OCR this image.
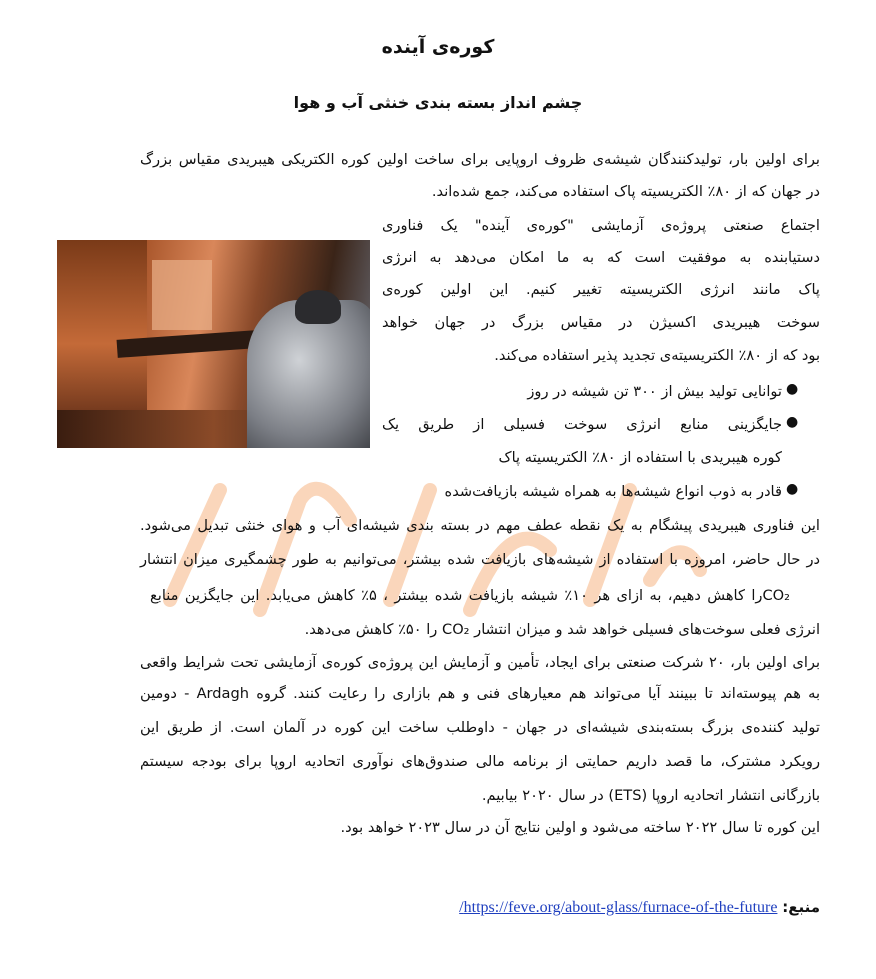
کوره‌ی آینده
چشم انداز بسته بندی خنثی آب و هوا
برای اولین بار، تولیدکنندگان شیشه‌ی ظروف اروپایی برای ساخت اولین کوره الکتریکی هیبریدی مقیاس بزرگ
در جهان که از ۸۰٪ الکتریسیته پاک استفاده می‌کند، جمع شده‌اند.
اجتماع صنعتی پروژه‌ی آزمایشی "کوره‌ی آینده" یک فناوری
دستیابنده به موفقیت است که به ما امکان می‌دهد به انرژی
پاک مانند انرژی الکتریسیته تغییر کنیم. این اولین کوره‌ی
سوخت هیبریدی اکسیژن در مقیاس بزرگ در جهان خواهد
بود که از ۸۰٪ الکتریسیته‌ی تجدید پذیر استفاده می‌کند.
●
توانایی تولید بیش از ۳۰۰ تن شیشه در روز
●
جایگزینی منابع انرژی سوخت فسیلی از طریق یک
کوره هیبریدی با استفاده از ۸۰٪ الکتریسیته پاک
●
قادر به ذوب انواع شیشه‌ها به همراه شیشه بازیافت‌شده
این فناوری هیبریدی پیشگام به یک نقطه عطف مهم در بسته بندی شیشه‌ای آب و هوای خنثی تبدیل می‌شود.
در حال حاضر، امروزه با استفاده از شیشه‌های بازیافت شده بیشتر، می‌توانیم به طور چشمگیری میزان انتشار
CO₂را کاهش دهیم، به ازای هر ۱۰٪ شیشه بازیافت شده بیشتر ، ۵٪ کاهش می‌یابد. این جایگزین منابع
انرژی فعلی سوخت‌های فسیلی خواهد شد و میزان انتشار CO₂ را ۵۰٪ کاهش می‌دهد.
برای اولین بار، ۲۰ شرکت صنعتی برای ایجاد، تأمین و آزمایش این پروژه‌ی کوره‌ی آزمایشی تحت شرایط واقعی
به هم پیوسته‌اند تا ببینند آیا می‌تواند هم معیارهای فنی و هم بازاری را رعایت کنند. گروه Ardagh - دومین
تولید کننده‌ی بزرگ بسته‌بندی شیشه‌ای در جهان - داوطلب ساخت این کوره در آلمان است. از طریق این
رویکرد مشترک، ما قصد داریم حمایتی از برنامه مالی صندوق‌های نوآوری اتحادیه اروپا برای بودجه سیستم
بازرگانی انتشار اتحادیه اروپا (ETS) در سال ۲۰۲۰ بیابیم.
این کوره تا سال ۲۰۲۲ ساخته می‌شود و اولین نتایج آن در سال ۲۰۲۳ خواهد بود.
منبع: https://feve.org/about-glass/furnace-of-the-future/
